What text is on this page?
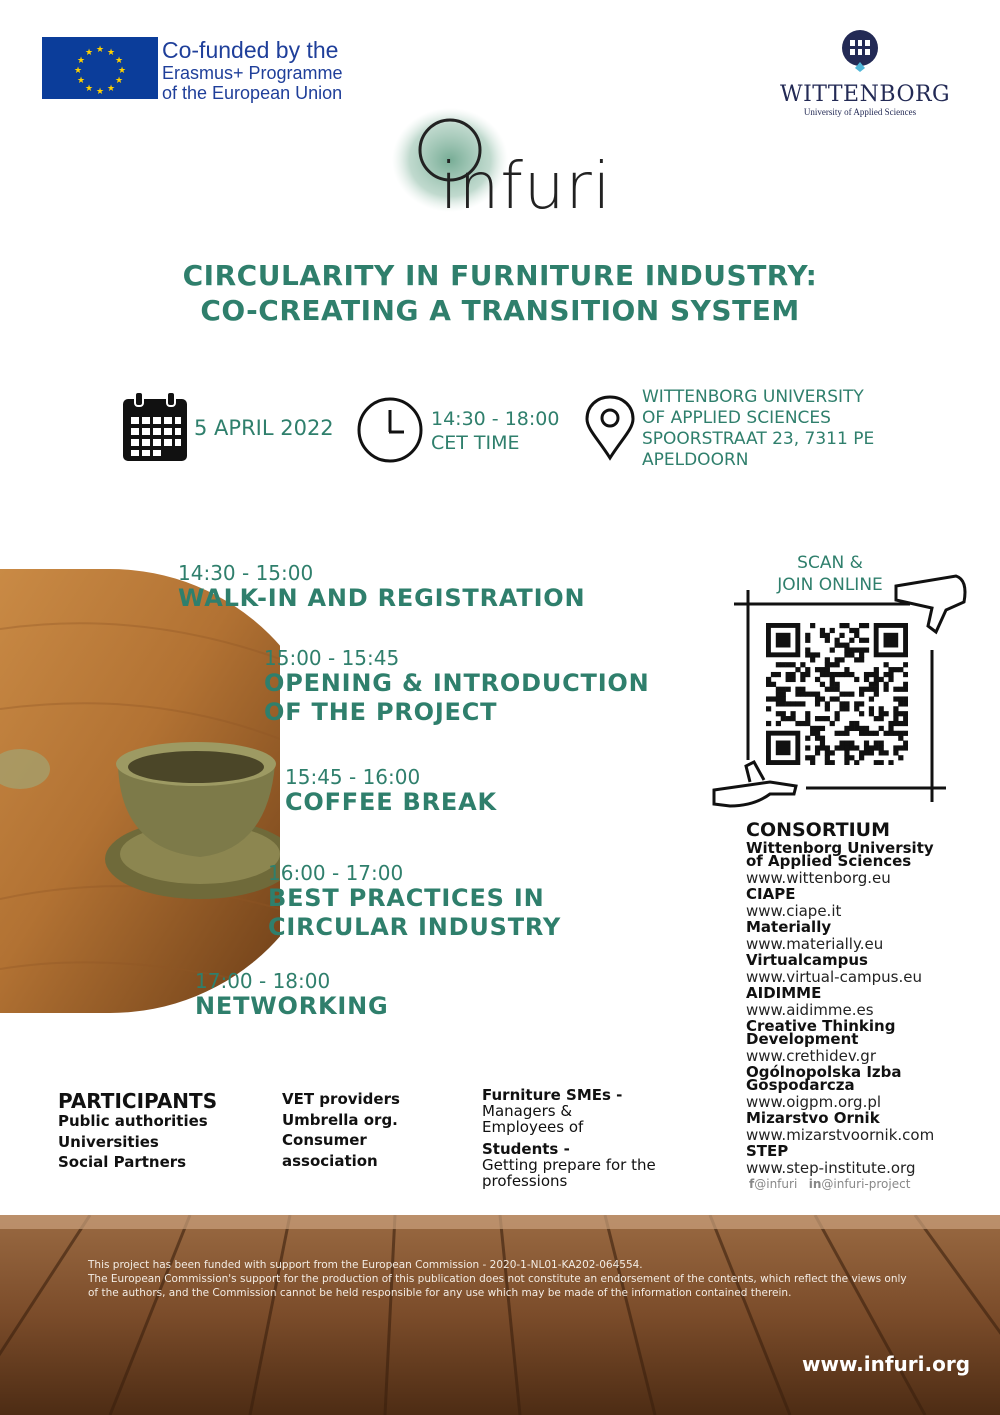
★ ★
★
★
★
★
★
★
★
★
★
★	Co-funded by the
Erasmus+ Programme
of the European Union	WITTENBORG
University of Applied Sciences
infuri
CIRCULARITY IN FURNITURE INDUSTRY:
CO-CREATING A TRANSITION SYSTEM
5 APRIL 2022	14:30 - 18:00
CET TIME
WITTENBORG UNIVERSITY
OF APPLIED SCIENCES
SPOORSTRAAT 23, 7311 PE
APELDOORN
14:30 - 15:00
WALK-IN AND REGISTRATION
15:00 - 15:45
OPENING & INTRODUCTION
OF THE PROJECT
15:45 - 16:00
COFFEE BREAK
16:00 - 17:00
BEST PRACTICES IN
CIRCULAR INDUSTRY
17:00 - 18:00
NETWORKING
SCAN &
JOIN ONLINE
CONSORTIUM
Wittenborg University
of Applied Sciences
www.wittenborg.eu
CIAPE
www.ciape.it
Materially
www.materially.eu
Virtualcampus
www.virtual-campus.eu
AIDIMME
www.aidimme.es
Creative Thinking
Development
www.crethidev.gr
Ogólnopolska Izba
Gospodarcza
www.oigpm.org.pl
Mizarstvo Ornik
www.mizarstvoornik.com
STEP
www.step-institute.org
f@infuri in@infuri-project
PARTICIPANTS
Public authorities
Universities
Social Partners
VET providers
Umbrella org.
Consumer
association
Furniture SMEs -
Managers &
Employees of
Students -
Getting prepare for the
professions
This project has been funded with support from the European Commission - 2020-1-NL01-KA202-064554.
The European Commission's support for the production of this publication does not constitute an endorsement of the contents, which reflect the views only of the authors, and the Commission cannot be held responsible for any use which may be made of the information contained therein.
www.infuri.org
